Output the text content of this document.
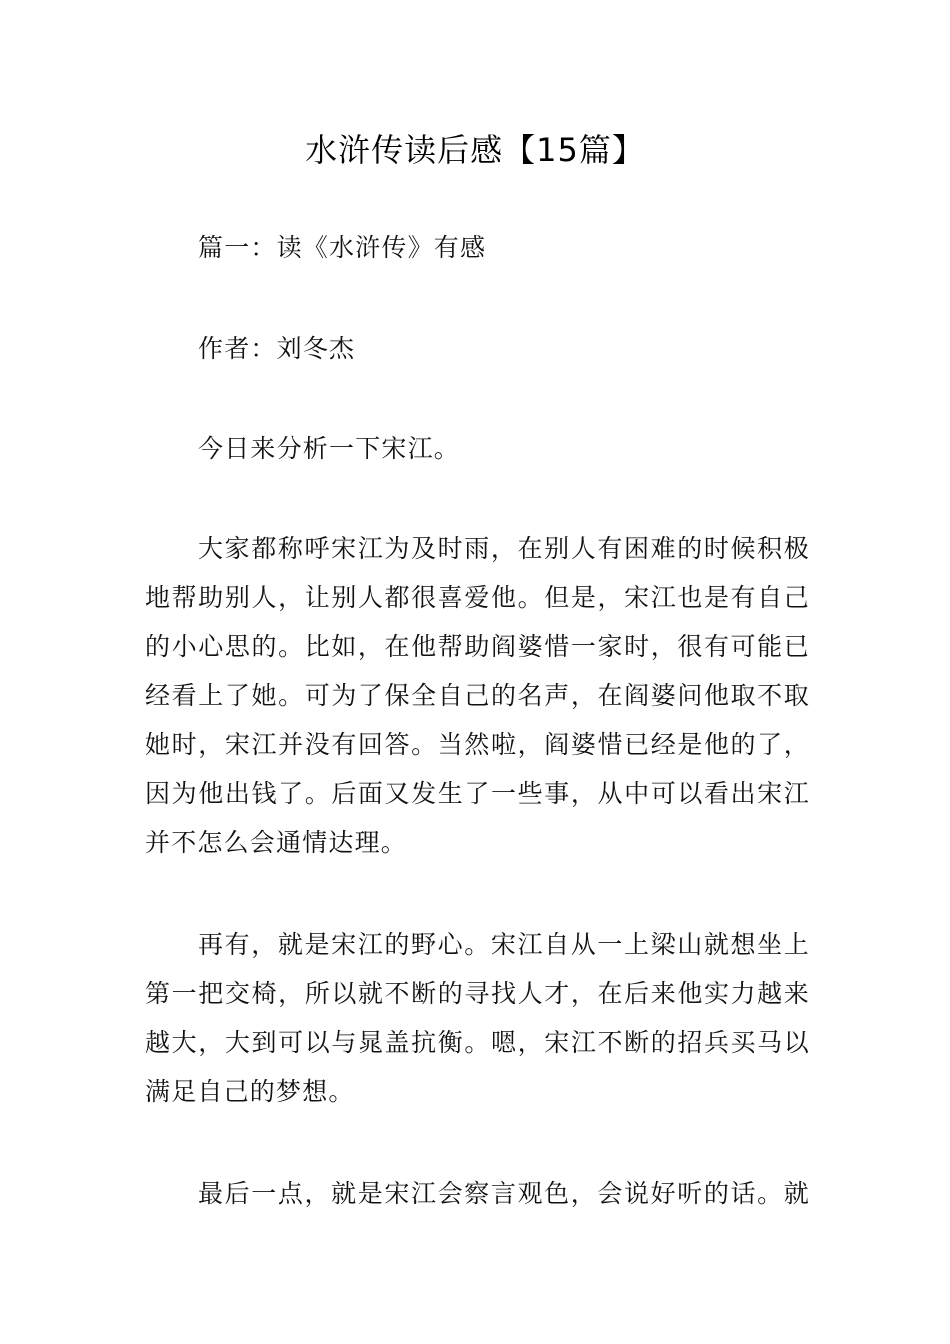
水浒传读后感【15篇】
篇一：读《水浒传》有感
作者：刘冬杰
今日来分析一下宋江。
大家都称呼宋江为及时雨，在别人有困难的时候积极
地帮助别人，让别人都很喜爱他。但是，宋江也是有自己
的小心思的。比如，在他帮助阎婆惜一家时，很有可能已
经看上了她。可为了保全自己的名声，在阎婆问他取不取
她时，宋江并没有回答。当然啦，阎婆惜已经是他的了，
因为他出钱了。后面又发生了一些事，从中可以看出宋江
并不怎么会通情达理。
再有，就是宋江的野心。宋江自从一上梁山就想坐上
第一把交椅，所以就不断的寻找人才，在后来他实力越来
越大，大到可以与晁盖抗衡。嗯，宋江不断的招兵买马以
满足自己的梦想。
最后一点，就是宋江会察言观色，会说好听的话。就
